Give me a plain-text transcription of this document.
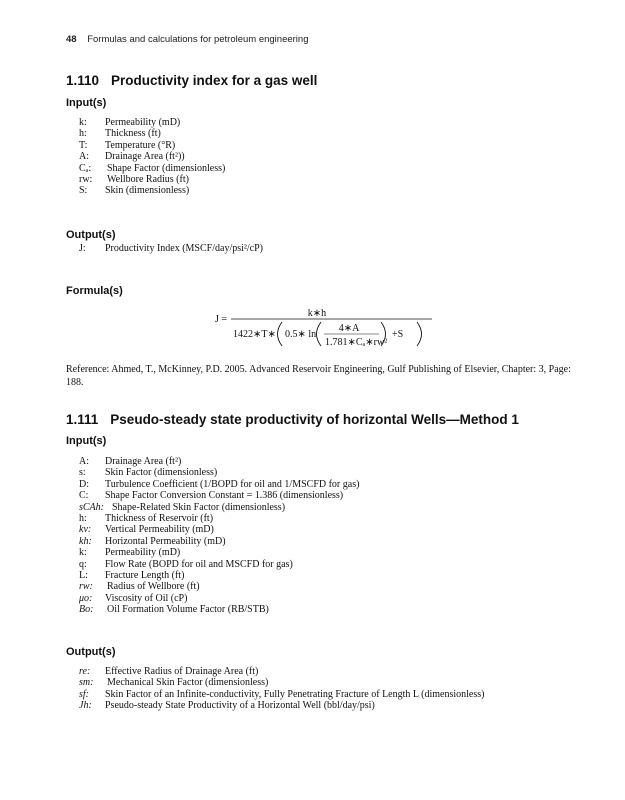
48 Formulas and calculations for petroleum engineering
1.110 Productivity index for a gas well
Input(s)
k: Permeability (mD)
h: Thickness (ft)
T: Temperature (°R)
A: Drainage Area (ft²))
Cₐ: Shape Factor (dimensionless)
rw: Wellbore Radius (ft)
S: Skin (dimensionless)
Output(s)
J: Productivity Index (MSCF/day/psi²/cP)
Formula(s)
J =
k∗h
1422∗T∗ 0.5∗ ln
4∗A
1.781∗Cₐ∗rw²
+S
Reference: Ahmed, T., McKinney, P.D. 2005. Advanced Reservoir Engineering, Gulf Publishing of Elsevier, Chapter: 3, Page: 188.
1.111 Pseudo-steady state productivity of horizontal Wells—Method 1
Input(s)
A: Drainage Area (ft²)
s: Skin Factor (dimensionless)
D: Turbulence Coefficient (1/BOPD for oil and 1/MSCFD for gas)
C: Shape Factor Conversion Constant = 1.386 (dimensionless)
sCAh: Shape-Related Skin Factor (dimensionless)
h: Thickness of Reservoir (ft)
kv: Vertical Permeability (mD)
kh: Horizontal Permeability (mD)
k: Permeability (mD)
q: Flow Rate (BOPD for oil and MSCFD for gas)
L: Fracture Length (ft)
rw: Radius of Wellbore (ft)
μo: Viscosity of Oil (cP)
Bo: Oil Formation Volume Factor (RB/STB)
Output(s)
re: Effective Radius of Drainage Area (ft)
sm: Mechanical Skin Factor (dimensionless)
sf: Skin Factor of an Infinite-conductivity, Fully Penetrating Fracture of Length L (dimensionless)
Jh: Pseudo-steady State Productivity of a Horizontal Well (bbl/day/psi)
